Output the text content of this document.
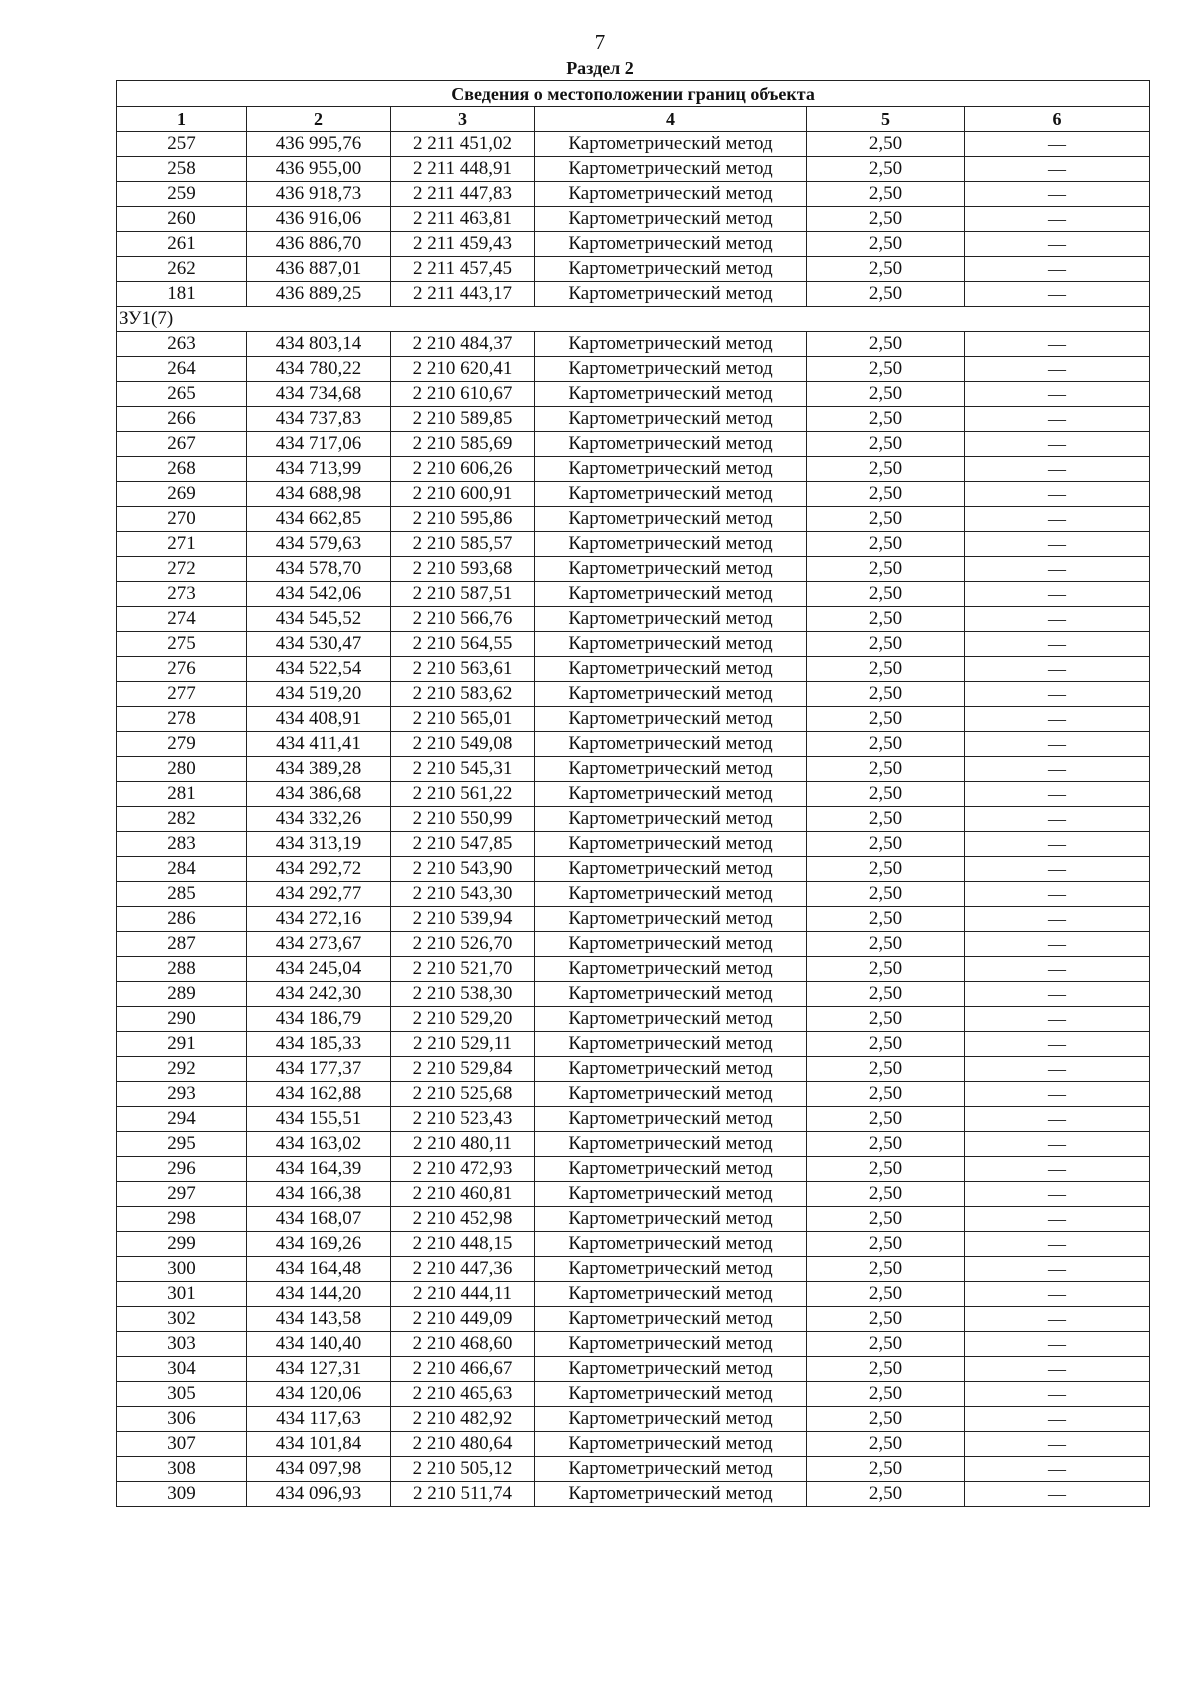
7
Раздел 2
Сведения о местоположении границ объекта					
1	2	3	4	5	6
257	436 995,76	2 211 451,02	Картометрический метод	2,50	—
258	436 955,00	2 211 448,91	Картометрический метод	2,50	—
259	436 918,73	2 211 447,83	Картометрический метод	2,50	—
260	436 916,06	2 211 463,81	Картометрический метод	2,50	—
261	436 886,70	2 211 459,43	Картометрический метод	2,50	—
262	436 887,01	2 211 457,45	Картометрический метод	2,50	—
181	436 889,25	2 211 443,17	Картометрический метод	2,50	—
ЗУ1(7)					
263	434 803,14	2 210 484,37	Картометрический метод	2,50	—
264	434 780,22	2 210 620,41	Картометрический метод	2,50	—
265	434 734,68	2 210 610,67	Картометрический метод	2,50	—
266	434 737,83	2 210 589,85	Картометрический метод	2,50	—
267	434 717,06	2 210 585,69	Картометрический метод	2,50	—
268	434 713,99	2 210 606,26	Картометрический метод	2,50	—
269	434 688,98	2 210 600,91	Картометрический метод	2,50	—
270	434 662,85	2 210 595,86	Картометрический метод	2,50	—
271	434 579,63	2 210 585,57	Картометрический метод	2,50	—
272	434 578,70	2 210 593,68	Картометрический метод	2,50	—
273	434 542,06	2 210 587,51	Картометрический метод	2,50	—
274	434 545,52	2 210 566,76	Картометрический метод	2,50	—
275	434 530,47	2 210 564,55	Картометрический метод	2,50	—
276	434 522,54	2 210 563,61	Картометрический метод	2,50	—
277	434 519,20	2 210 583,62	Картометрический метод	2,50	—
278	434 408,91	2 210 565,01	Картометрический метод	2,50	—
279	434 411,41	2 210 549,08	Картометрический метод	2,50	—
280	434 389,28	2 210 545,31	Картометрический метод	2,50	—
281	434 386,68	2 210 561,22	Картометрический метод	2,50	—
282	434 332,26	2 210 550,99	Картометрический метод	2,50	—
283	434 313,19	2 210 547,85	Картометрический метод	2,50	—
284	434 292,72	2 210 543,90	Картометрический метод	2,50	—
285	434 292,77	2 210 543,30	Картометрический метод	2,50	—
286	434 272,16	2 210 539,94	Картометрический метод	2,50	—
287	434 273,67	2 210 526,70	Картометрический метод	2,50	—
288	434 245,04	2 210 521,70	Картометрический метод	2,50	—
289	434 242,30	2 210 538,30	Картометрический метод	2,50	—
290	434 186,79	2 210 529,20	Картометрический метод	2,50	—
291	434 185,33	2 210 529,11	Картометрический метод	2,50	—
292	434 177,37	2 210 529,84	Картометрический метод	2,50	—
293	434 162,88	2 210 525,68	Картометрический метод	2,50	—
294	434 155,51	2 210 523,43	Картометрический метод	2,50	—
295	434 163,02	2 210 480,11	Картометрический метод	2,50	—
296	434 164,39	2 210 472,93	Картометрический метод	2,50	—
297	434 166,38	2 210 460,81	Картометрический метод	2,50	—
298	434 168,07	2 210 452,98	Картометрический метод	2,50	—
299	434 169,26	2 210 448,15	Картометрический метод	2,50	—
300	434 164,48	2 210 447,36	Картометрический метод	2,50	—
301	434 144,20	2 210 444,11	Картометрический метод	2,50	—
302	434 143,58	2 210 449,09	Картометрический метод	2,50	—
303	434 140,40	2 210 468,60	Картометрический метод	2,50	—
304	434 127,31	2 210 466,67	Картометрический метод	2,50	—
305	434 120,06	2 210 465,63	Картометрический метод	2,50	—
306	434 117,63	2 210 482,92	Картометрический метод	2,50	—
307	434 101,84	2 210 480,64	Картометрический метод	2,50	—
308	434 097,98	2 210 505,12	Картометрический метод	2,50	—
309	434 096,93	2 210 511,74	Картометрический метод	2,50	—
